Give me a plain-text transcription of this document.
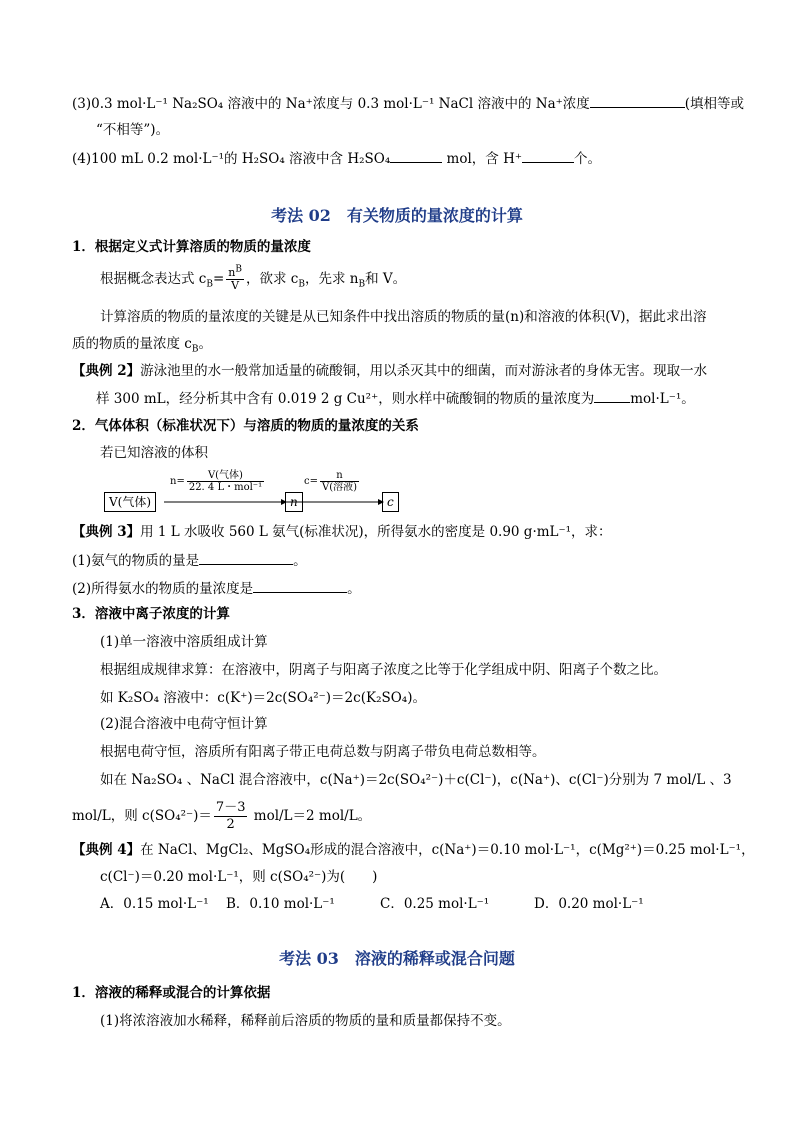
(3)0.3 mol·L⁻¹ Na₂SO₄ 溶液中的 Na⁺浓度与 0.3 mol·L⁻¹ NaCl 溶液中的 Na⁺浓度	(填相等或
“不相等”)。
(4)100 mL 0.2 mol·L⁻¹的 H₂SO₄ 溶液中含 H₂SO₄	mol，含 H⁺	个。
考法 02　有关物质的量浓度的计算
1．根据定义式计算溶质的物质的量浓度
根据概念表达式 $c_B= \frac{n^B}{V}$ ，欲求 $c_B$，先求 $n_B$和 V。
计算溶质的物质的量浓度的关键是从已知条件中找出溶质的物质的量(n)和溶液的体积(V)，据此求出溶
质的物质的量浓度 $c_B$。
【典例 2】游泳池里的水一般常加适量的硫酸铜，用以杀灭其中的细菌，而对游泳者的身体无害。现取一水
样 300 mL，经分析其中含有 0.019 2 g Cu²⁺，则水样中硫酸铜的物质的量浓度为	mol·L⁻¹。
2．气体体积（标准状况下）与溶质的物质的量浓度的关系
若已知溶液的体积
V(气体)
$n= \frac{\text{V(气体)}}{\text{22. 4 L・mol⁻¹}}$
n
$c= \frac{n}{\text{V(溶液)}}$
c
【典例 3】用 1 L 水吸收 560 L 氨气(标准状况)，所得氨水的密度是 0.90 g·mL⁻¹，求：
(1)氨气的物质的量是	。
(2)所得氨水的物质的量浓度是	。
3．溶液中离子浓度的计算
(1)单一溶液中溶质组成计算
根据组成规律求算：在溶液中，阴离子与阳离子浓度之比等于化学组成中阴、阳离子个数之比。
如 K₂SO₄ 溶液中：c(K⁺)＝2c(SO₄²⁻)＝2c(K₂SO₄)。
(2)混合溶液中电荷守恒计算
根据电荷守恒，溶质所有阳离子带正电荷总数与阴离子带负电荷总数相等。
如在 Na₂SO₄ 、NaCl 混合溶液中，c(Na⁺)＝2c(SO₄²⁻)＋c(Cl⁻)，c(Na⁺)、c(Cl⁻)分别为 7 mol/L 、3
mol/L，则 $c(SO_4^{2-})= \frac{7-3}{2} mol/L=2$ mol/L。
【典例 4】在 NaCl、MgCl₂、MgSO₄形成的混合溶液中，c(Na⁺)＝0.10 mol·L⁻¹，c(Mg²⁺)＝0.25 mol·L⁻¹，
c(Cl⁻)＝0.20 mol·L⁻¹，则 c(SO₄²⁻)为(　　)
A．0.15 mol·L⁻¹ B．0.10 mol·L⁻¹	C．0.25 mol·L⁻¹	D．0.20 mol·L⁻¹
考法 03　溶液的稀释或混合问题
1．溶液的稀释或混合的计算依据
(1)将浓溶液加水稀释，稀释前后溶质的物质的量和质量都保持不变。
